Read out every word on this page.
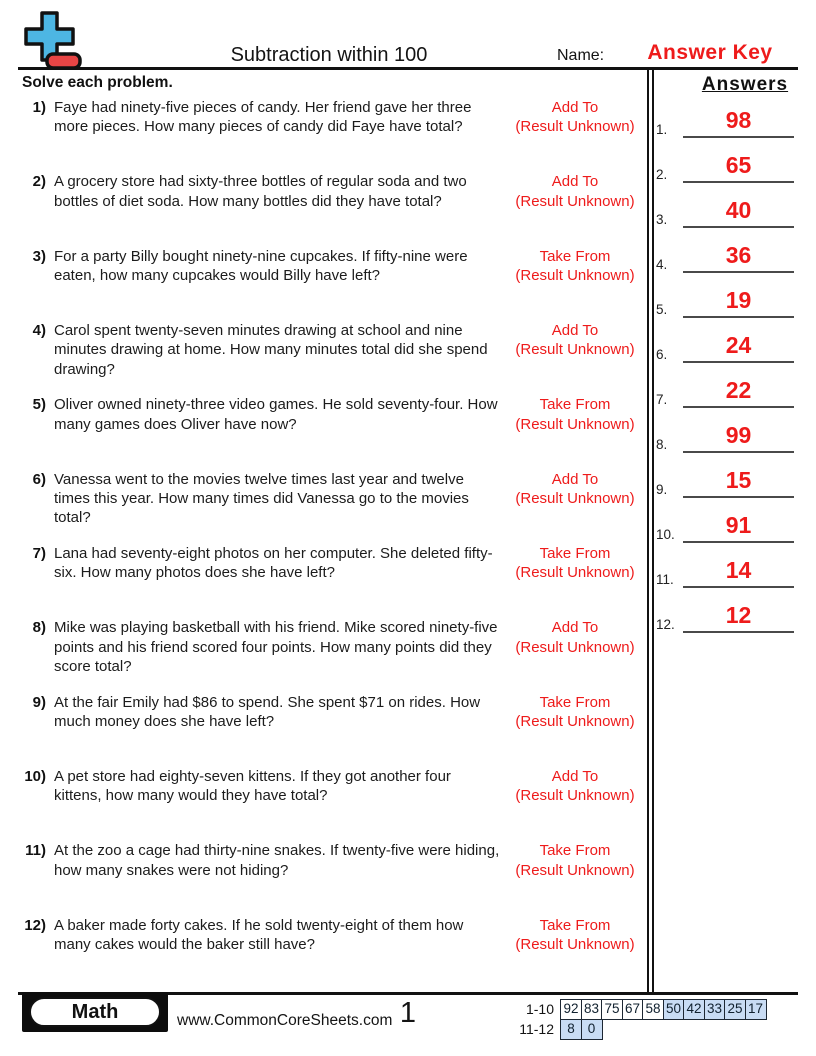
Subtraction within 100	Name:	Answer Key
Solve each problem.
1) Faye had ninety-five pieces of candy. Her friend gave her three more pieces. How many pieces of candy did Faye have total?
Add To
(Result Unknown)
2) A grocery store had sixty-three bottles of regular soda and two bottles of diet soda. How many bottles did they have total?
Add To
(Result Unknown)
3) For a party Billy bought ninety-nine cupcakes. If fifty-nine were eaten, how many cupcakes would Billy have left?
Take From
(Result Unknown)
4) Carol spent twenty-seven minutes drawing at school and nine minutes drawing at home. How many minutes total did she spend drawing?
Add To
(Result Unknown)
5) Oliver owned ninety-three video games. He sold seventy-four. How many games does Oliver have now?
Take From
(Result Unknown)
6) Vanessa went to the movies twelve times last year and twelve times this year. How many times did Vanessa go to the movies total?
Add To
(Result Unknown)
7) Lana had seventy-eight photos on her computer. She deleted fifty-six. How many photos does she have left?
Take From
(Result Unknown)
8) Mike was playing basketball with his friend. Mike scored ninety-five points and his friend scored four points. How many points did they score total?
Add To
(Result Unknown)
9) At the fair Emily had $86 to spend. She spent $71 on rides. How much money does she have left?
Take From
(Result Unknown)
10) A pet store had eighty-seven kittens. If they got another four kittens, how many would they have total?
Add To
(Result Unknown)
11) At the zoo a cage had thirty-nine snakes. If twenty-five were hiding, how many snakes were not hiding?
Take From
(Result Unknown)
12) A baker made forty cakes. If he sold twenty-eight of them how many cakes would the baker still have?
Take From
(Result Unknown)
Answers
1.	98
2.	65
3.	40
4.	36
5.	19
6.	24
7.	22
8.	99
9.	15
10.	91
11.	14
12.	12
Math	www.CommonCoreSheets.com 1	1-10 92 83 75 67 58 50 42 33 25 17
11-12 8 0
